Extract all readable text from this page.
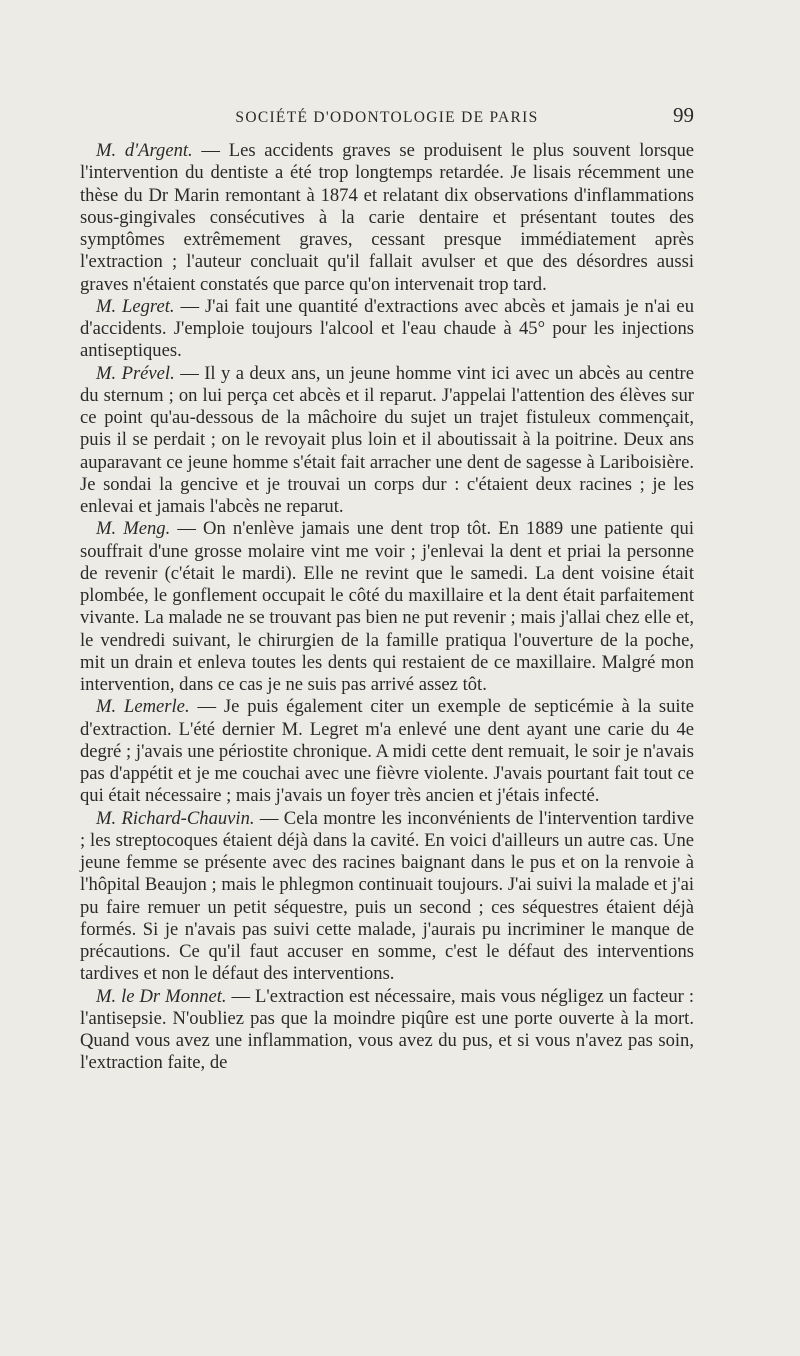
SOCIÉTÉ D'ODONTOLOGIE DE PARIS	99

M. d'Argent. — Les accidents graves se produisent le plus souvent lorsque l'intervention du dentiste a été trop longtemps retardée. Je lisais récemment une thèse du Dr Marin remontant à 1874 et relatant dix observations d'inflammations sous-gingivales consécutives à la carie dentaire et présentant toutes des symptômes extrêmement graves, cessant presque immédiatement après l'extraction ; l'auteur concluait qu'il fallait avulser et que des désordres aussi graves n'étaient constatés que parce qu'on intervenait trop tard.

M. Legret. — J'ai fait une quantité d'extractions avec abcès et jamais je n'ai eu d'accidents. J'emploie toujours l'alcool et l'eau chaude à 45° pour les injections antiseptiques.

M. Prével. — Il y a deux ans, un jeune homme vint ici avec un abcès au centre du sternum ; on lui perça cet abcès et il reparut. J'appelai l'attention des élèves sur ce point qu'au-dessous de la mâchoire du sujet un trajet fistuleux commençait, puis il se perdait ; on le revoyait plus loin et il aboutissait à la poitrine. Deux ans auparavant ce jeune homme s'était fait arracher une dent de sagesse à Lariboisière. Je sondai la gencive et je trouvai un corps dur : c'étaient deux racines ; je les enlevai et jamais l'abcès ne reparut.

M. Meng. — On n'enlève jamais une dent trop tôt. En 1889 une patiente qui souffrait d'une grosse molaire vint me voir ; j'enlevai la dent et priai la personne de revenir (c'était le mardi). Elle ne revint que le samedi. La dent voisine était plombée, le gonflement occupait le côté du maxillaire et la dent était parfaitement vivante. La malade ne se trouvant pas bien ne put revenir ; mais j'allai chez elle et, le vendredi suivant, le chirurgien de la famille pratiqua l'ouverture de la poche, mit un drain et enleva toutes les dents qui restaient de ce maxillaire. Malgré mon intervention, dans ce cas je ne suis pas arrivé assez tôt.

M. Lemerle. — Je puis également citer un exemple de septicémie à la suite d'extraction. L'été dernier M. Legret m'a enlevé une dent ayant une carie du 4e degré ; j'avais une périostite chronique. A midi cette dent remuait, le soir je n'avais pas d'appétit et je me couchai avec une fièvre violente. J'avais pourtant fait tout ce qui était nécessaire ; mais j'avais un foyer très ancien et j'étais infecté.

M. Richard-Chauvin. — Cela montre les inconvénients de l'intervention tardive ; les streptocoques étaient déjà dans la cavité. En voici d'ailleurs un autre cas. Une jeune femme se présente avec des racines baignant dans le pus et on la renvoie à l'hôpital Beaujon ; mais le phlegmon continuait toujours. J'ai suivi la malade et j'ai pu faire remuer un petit séquestre, puis un second ; ces séquestres étaient déjà formés. Si je n'avais pas suivi cette malade, j'aurais pu incriminer le manque de précautions. Ce qu'il faut accuser en somme, c'est le défaut des interventions tardives et non le défaut des interventions.

M. le Dr Monnet. — L'extraction est nécessaire, mais vous négligez un facteur : l'antisepsie. N'oubliez pas que la moindre piqûre est une porte ouverte à la mort. Quand vous avez une inflammation, vous avez du pus, et si vous n'avez pas soin, l'extraction faite, de
